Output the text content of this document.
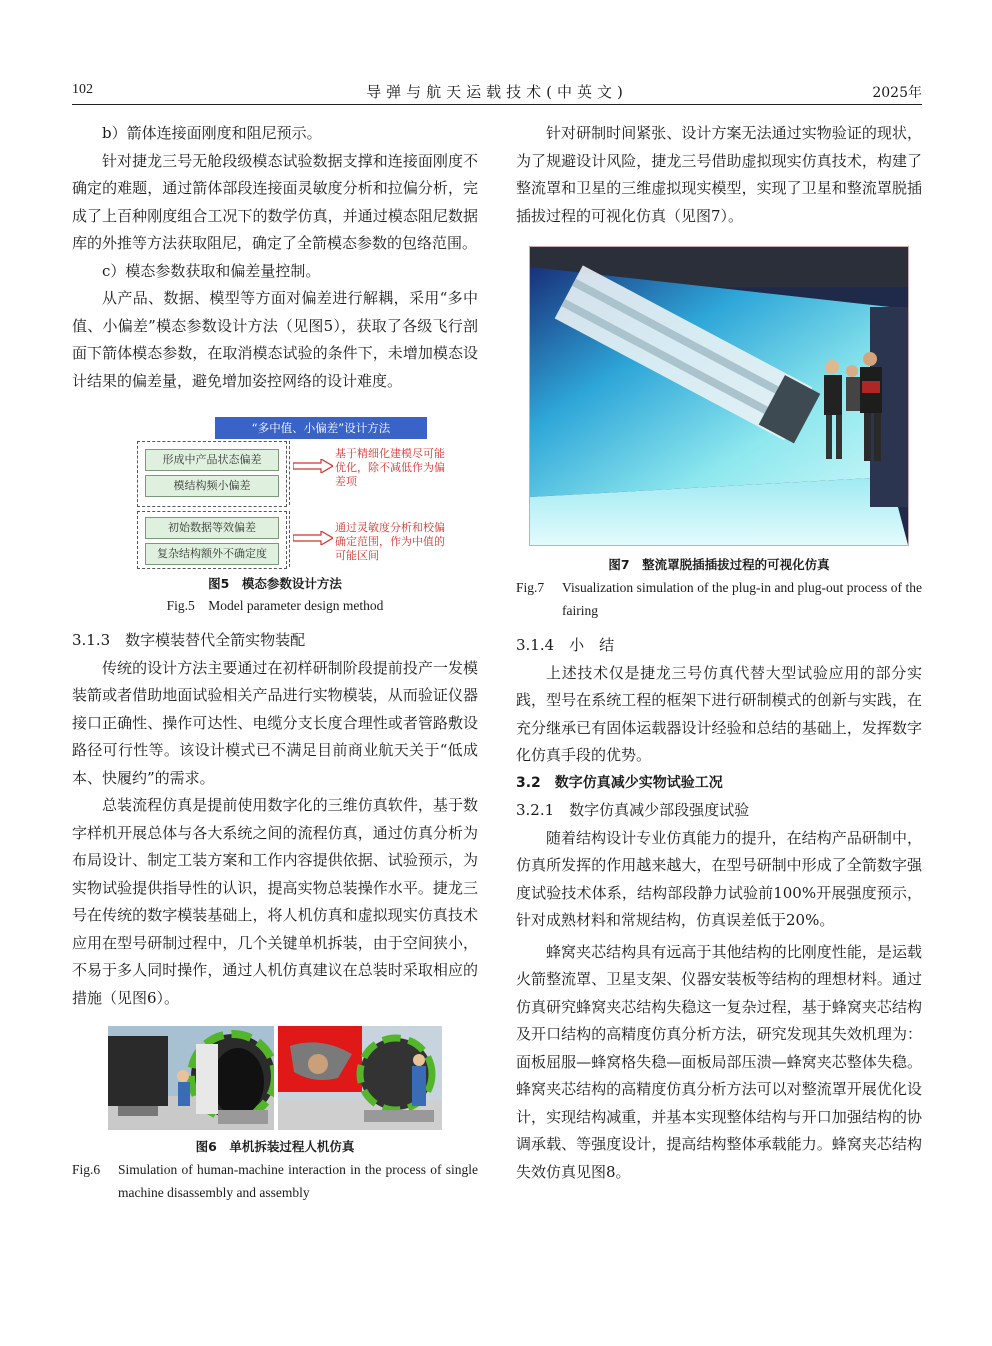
102	导弹与航天运载技术(中英文)	2025年

b）箭体连接面刚度和阻尼预示。

针对捷龙三号无舱段级模态试验数据支撑和连接面刚度不确定的难题，通过箭体部段连接面灵敏度分析和拉偏分析，完成了上百种刚度组合工况下的数学仿真，并通过模态阻尼数据库的外推等方法获取阻尼，确定了全箭模态参数的包络范围。

c）模态参数获取和偏差量控制。

从产品、数据、模型等方面对偏差进行解耦，采用“多中值、小偏差”模态参数设计方法（见图5），获取了各级飞行剖面下箭体模态参数，在取消模态试验的条件下，未增加模态设计结果的偏差量，避免增加姿控网络的设计难度。

“多中值、小偏差”设计方法
形成中产品状态偏差
模结构频小偏差
基于精细化建模尽可能优化，除不减低作为偏差项
初始数据等效偏差
复杂结构额外不确定度
通过灵敏度分析和校偏确定范围，作为中值的可能区间
图5　模态参数设计方法
Fig.5　Model parameter design method

3.1.3　数字模装替代全箭实物装配

传统的设计方法主要通过在初样研制阶段提前投产一发模装箭或者借助地面试验相关产品进行实物模装，从而验证仪器接口正确性、操作可达性、电缆分支长度合理性或者管路敷设路径可行性等。该设计模式已不满足目前商业航天关于“低成本、快履约”的需求。

总装流程仿真是提前使用数字化的三维仿真软件，基于数字样机开展总体与各大系统之间的流程仿真，通过仿真分析为布局设计、制定工装方案和工作内容提供依据、试验预示，为实物试验提供指导性的认识，提高实物总装操作水平。捷龙三号在传统的数字模装基础上，将人机仿真和虚拟现实仿真技术应用在型号研制过程中，几个关键单机拆装，由于空间狭小，不易于多人同时操作，通过人机仿真建议在总装时采取相应的措施（见图6）。

图6　单机拆装过程人机仿真
Fig.6	Simulation of human-machine interaction in the process of single machine disassembly and assembly

针对研制时间紧张、设计方案无法通过实物验证的现状，为了规避设计风险，捷龙三号借助虚拟现实仿真技术，构建了整流罩和卫星的三维虚拟现实模型，实现了卫星和整流罩脱插插拔过程的可视化仿真（见图7）。

图7　整流罩脱插插拔过程的可视化仿真
Fig.7	Visualization simulation of the plug-in and plug-out process of the fairing

3.1.4　小　结

上述技术仅是捷龙三号仿真代替大型试验应用的部分实践，型号在系统工程的框架下进行研制模式的创新与实践，在充分继承已有固体运载器设计经验和总结的基础上，发挥数字化仿真手段的优势。

3.2　数字仿真减少实物试验工况

3.2.1　数字仿真减少部段强度试验

随着结构设计专业仿真能力的提升，在结构产品研制中，仿真所发挥的作用越来越大，在型号研制中形成了全箭数字强度试验技术体系，结构部段静力试验前100%开展强度预示，针对成熟材料和常规结构，仿真误差低于20%。

蜂窝夹芯结构具有远高于其他结构的比刚度性能，是运载火箭整流罩、卫星支架、仪器安装板等结构的理想材料。通过仿真研究蜂窝夹芯结构失稳这一复杂过程，基于蜂窝夹芯结构及开口结构的高精度仿真分析方法，研究发现其失效机理为：面板屈服—蜂窝格失稳—面板局部压溃—蜂窝夹芯整体失稳。蜂窝夹芯结构的高精度仿真分析方法可以对整流罩开展优化设计，实现结构减重，并基本实现整体结构与开口加强结构的协调承载、等强度设计，提高结构整体承载能力。蜂窝夹芯结构失效仿真见图8。
